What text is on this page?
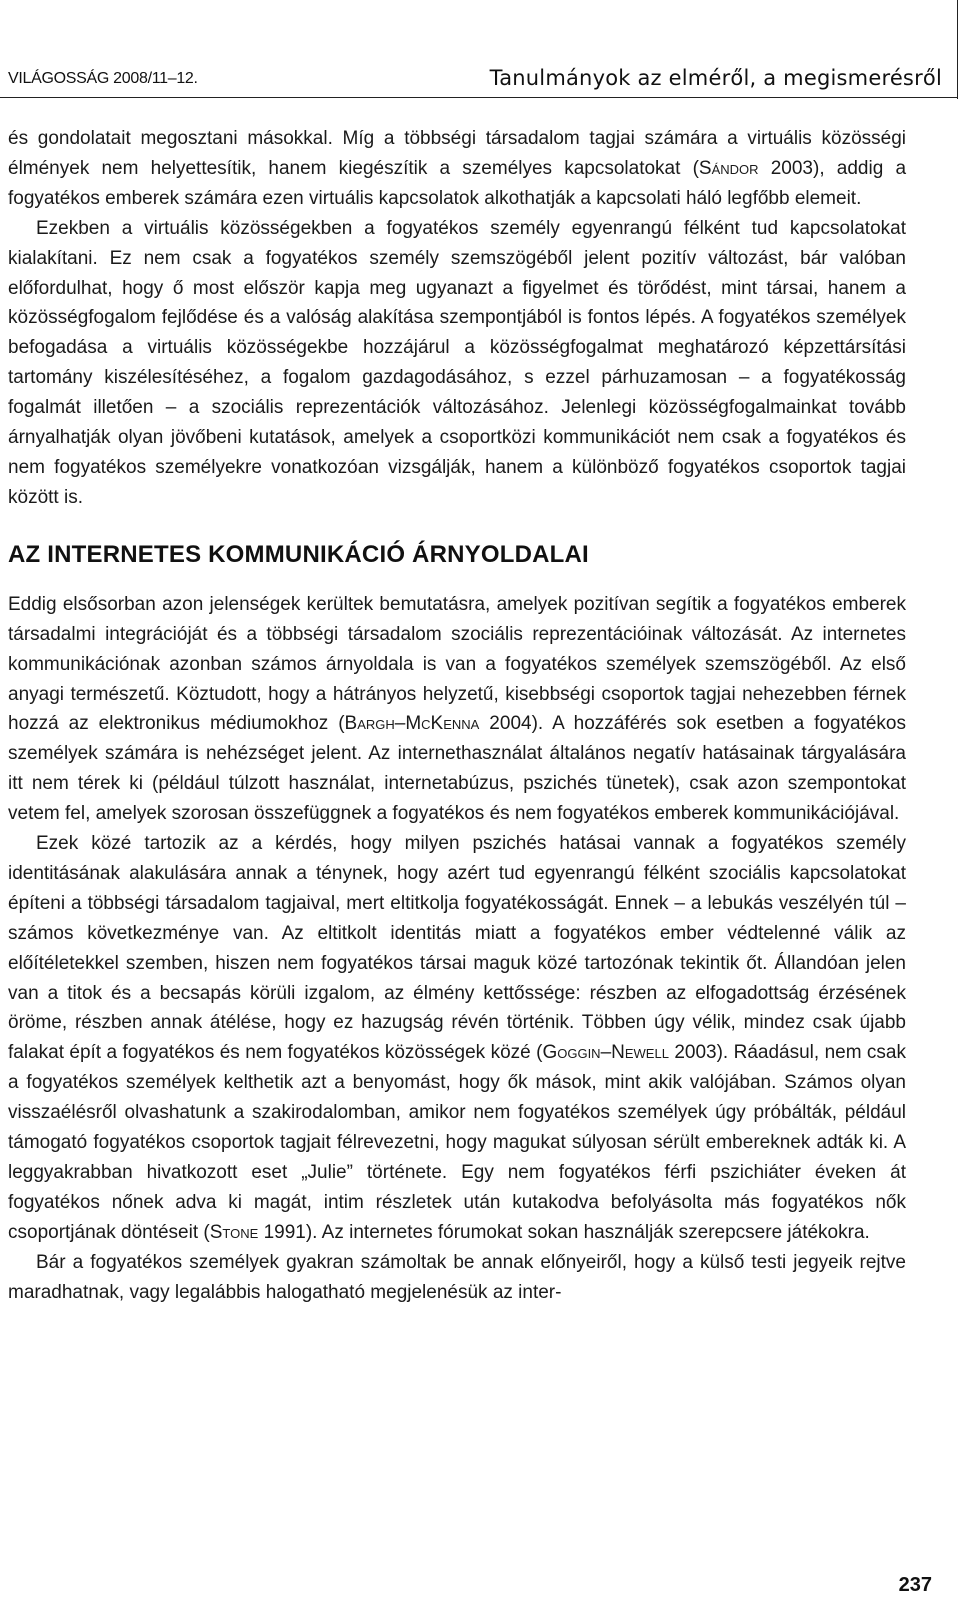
VILÁGOSSÁG 2008/11–12.	Tanulmányok az elméről, a megismerésről

és gondolatait megosztani másokkal. Míg a többségi társadalom tagjai számára a virtuális közösségi élmények nem helyettesítik, hanem kiegészítik a személyes kapcsolatokat (Sándor 2003), addig a fogyatékos emberek számára ezen virtuális kapcsolatok alkothatják a kapcsolati háló legfőbb elemeit.

Ezekben a virtuális közösségekben a fogyatékos személy egyenrangú félként tud kapcsolatokat kialakítani. Ez nem csak a fogyatékos személy szemszögéből jelent pozitív változást, bár valóban előfordulhat, hogy ő most először kapja meg ugyanazt a figyelmet és törődést, mint társai, hanem a közösségfogalom fejlődése és a valóság alakítása szempontjából is fontos lépés. A fogyatékos személyek befogadása a virtuális közösségekbe hozzájárul a közösségfogalmat meghatározó képzettársítási tartomány kiszélesítéséhez, a fogalom gazdagodásához, s ezzel párhuzamosan – a fogyatékosság fogalmát illetően – a szociális reprezentációk változásához. Jelenlegi közösségfogalmainkat tovább árnyalhatják olyan jövőbeni kutatások, amelyek a csoportközi kommunikációt nem csak a fogyatékos és nem fogyatékos személyekre vonatkozóan vizsgálják, hanem a különböző fogyatékos csoportok tagjai között is.

AZ INTERNETES KOMMUNIKÁCIÓ ÁRNYOLDALAI

Eddig elsősorban azon jelenségek kerültek bemutatásra, amelyek pozitívan segítik a fogyatékos emberek társadalmi integrációját és a többségi társadalom szociális reprezentációinak változását. Az internetes kommunikációnak azonban számos árnyoldala is van a fogyatékos személyek szemszögéből. Az első anyagi természetű. Köztudott, hogy a hátrányos helyzetű, kisebbségi csoportok tagjai nehezebben férnek hozzá az elektronikus médiumokhoz (Bargh–McKenna 2004). A hozzáférés sok esetben a fogyatékos személyek számára is nehézséget jelent. Az internethasználat általános negatív hatásainak tárgyalására itt nem térek ki (például túlzott használat, internetabúzus, pszichés tünetek), csak azon szempontokat vetem fel, amelyek szorosan összefüggnek a fogyatékos és nem fogyatékos emberek kommunikációjával.

Ezek közé tartozik az a kérdés, hogy milyen pszichés hatásai vannak a fogyatékos személy identitásának alakulására annak a ténynek, hogy azért tud egyenrangú félként szociális kapcsolatokat építeni a többségi társadalom tagjaival, mert eltitkolja fogyatékosságát. Ennek – a lebukás veszélyén túl – számos következménye van. Az eltitkolt identitás miatt a fogyatékos ember védtelenné válik az előítéletekkel szemben, hiszen nem fogyatékos társai maguk közé tartozónak tekintik őt. Állandóan jelen van a titok és a becsapás körüli izgalom, az élmény kettőssége: részben az elfogadottság érzésének öröme, részben annak átélése, hogy ez hazugság révén történik. Többen úgy vélik, mindez csak újabb falakat épít a fogyatékos és nem fogyatékos közösségek közé (Goggin–Newell 2003). Ráadásul, nem csak a fogyatékos személyek kelthetik azt a benyomást, hogy ők mások, mint akik valójában. Számos olyan visszaélésről olvashatunk a szakirodalomban, amikor nem fogyatékos személyek úgy próbálták, például támogató fogyatékos csoportok tagjait félrevezetni, hogy magukat súlyosan sérült embereknek adták ki. A leggyakrabban hivatkozott eset „Julie” története. Egy nem fogyatékos férfi pszichiáter éveken át fogyatékos nőnek adva ki magát, intim részletek után kutakodva befolyásolta más fogyatékos nők csoportjának döntéseit (Stone 1991). Az internetes fórumokat sokan használják szerepcsere játékokra.

Bár a fogyatékos személyek gyakran számoltak be annak előnyeiről, hogy a külső testi jegyeik rejtve maradhatnak, vagy legalábbis halogatható megjelenésük az inter-

237
